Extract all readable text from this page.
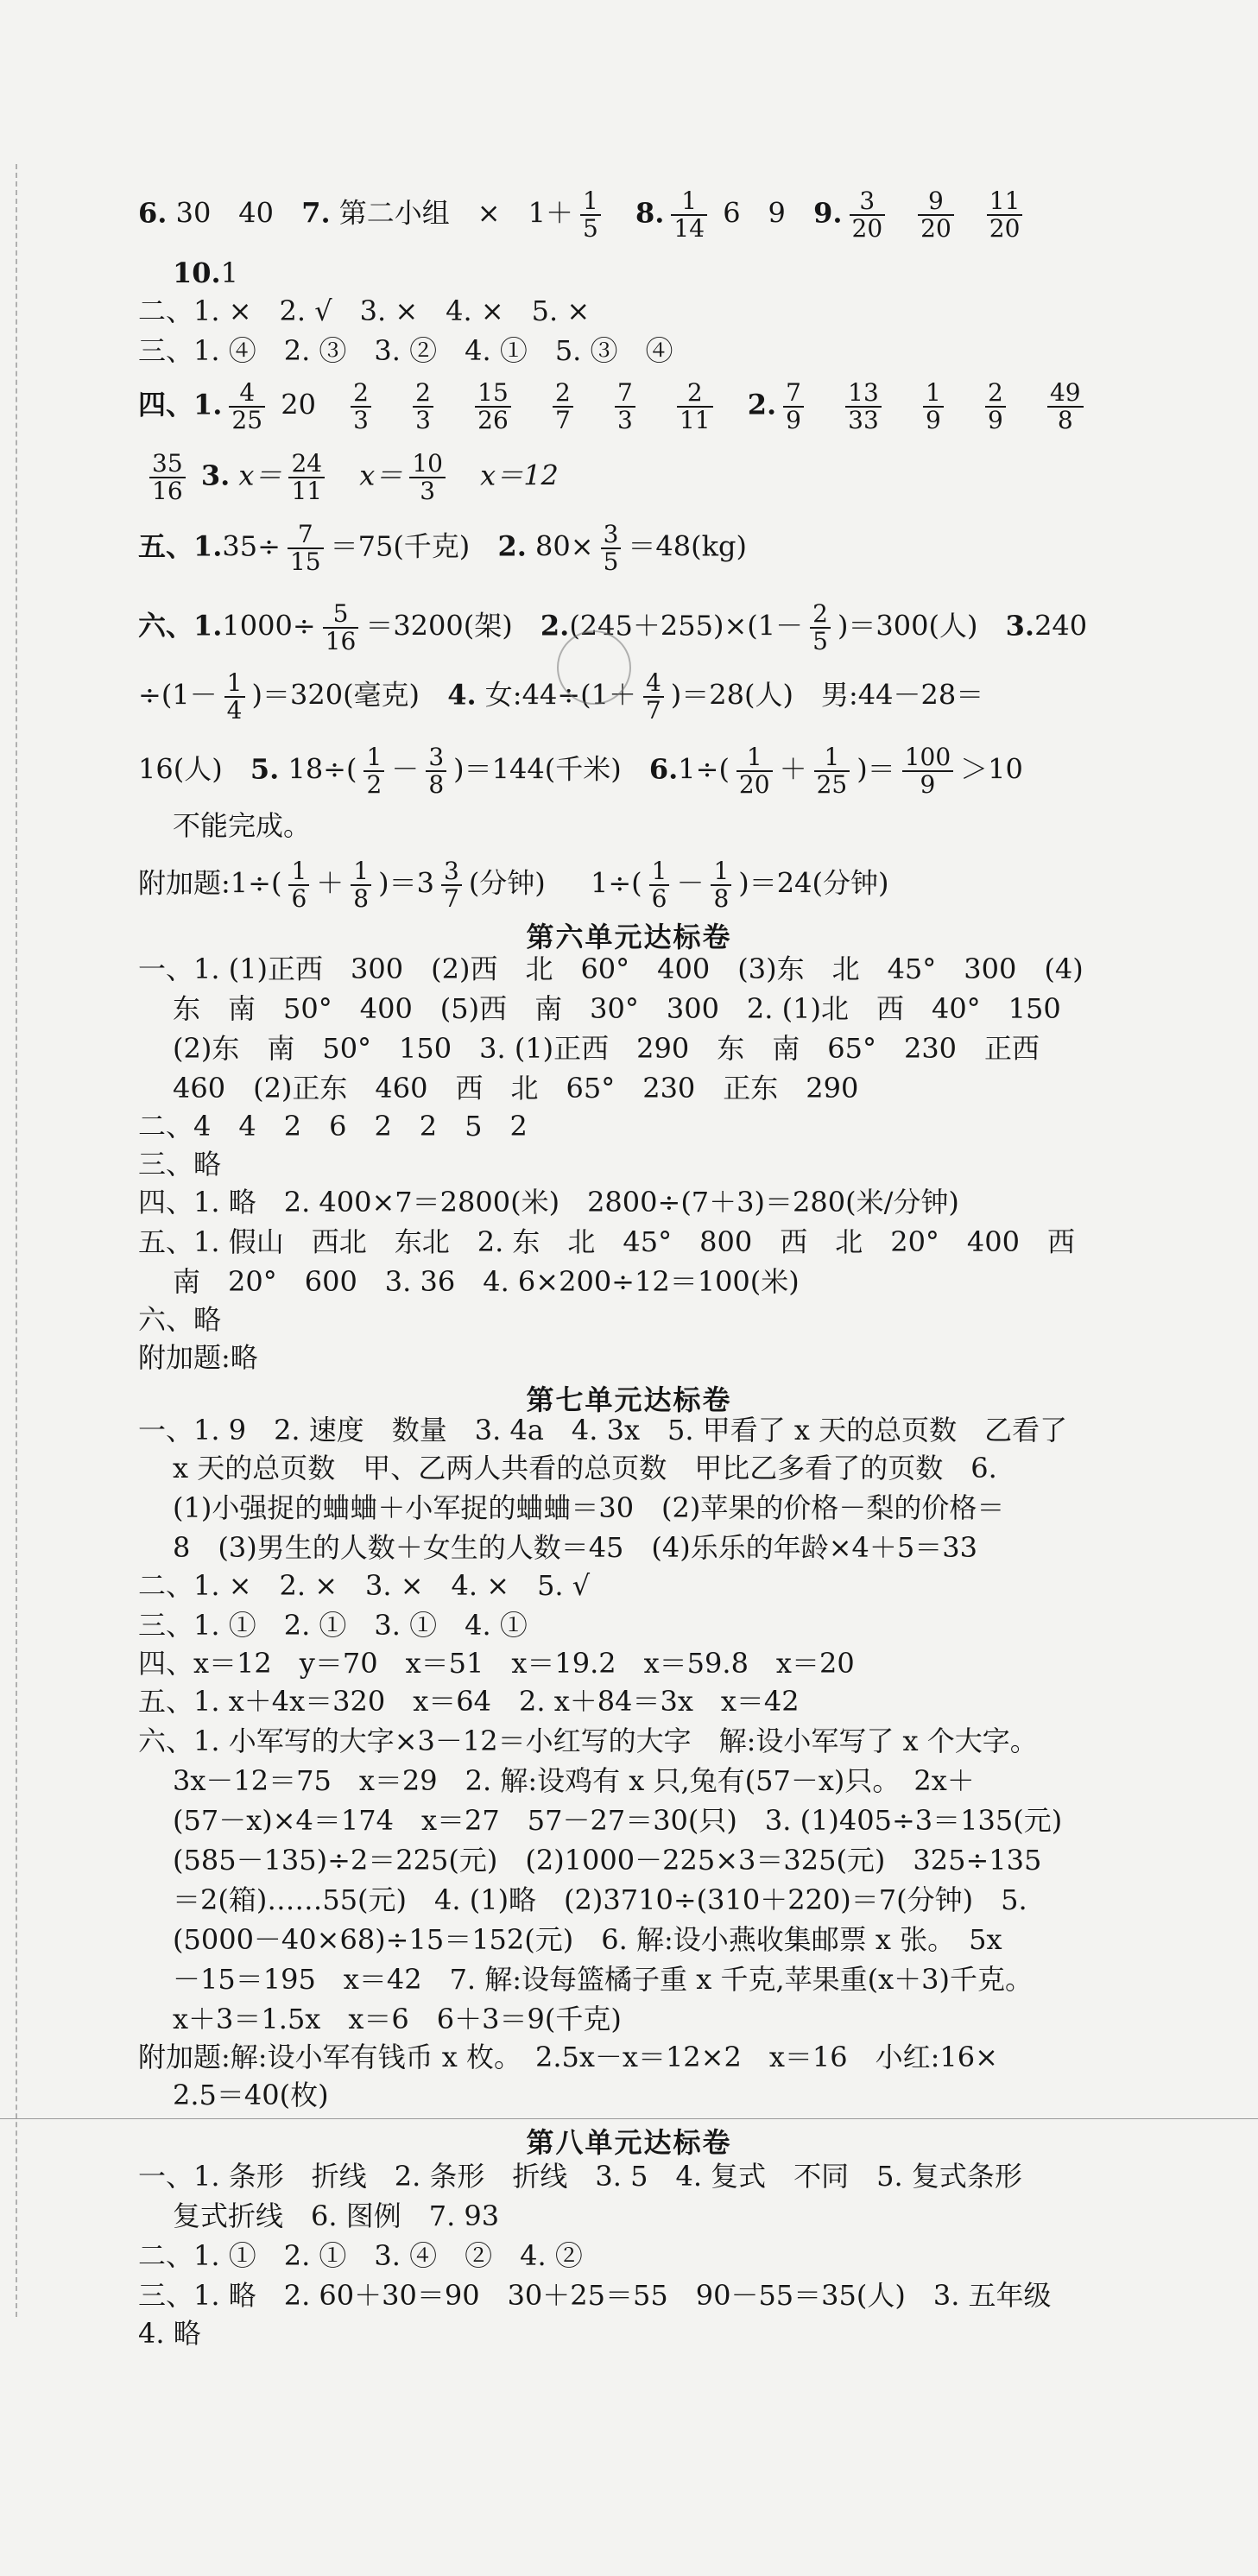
6. 30　40 7. 第二小组　×　$1+ \frac{1}{5} 8$. $\frac{1}{14} 6$　9 9. $\frac{3}{20} \frac{9}{20} \frac{11}{20}$
10.1
二、1. ×　2. √　3. ×　4. ×　5. ×
三、1. ④　2. ③　3. ②　4. ①　5. ③　④
四、1. $\frac{4}{25} 20 \frac{2}{3}$
$\frac{2}{3}$
$\frac{15}{26}$
$\frac{2}{7}$
$\frac{7}{3}$
$\frac{2}{11} 2$. $\frac{7}{9}$
$\frac{13}{33}$
$\frac{1}{9}$
$\frac{2}{9}$
$\frac{49}{8}$
$\frac{35}{16} 3$. $x= \frac{24}{11} x= \frac{10}{3} x=12$
五、$1.35\div \frac{7}{15} =75$(千克) 2. $80\times \frac{3}{5} =48(kg)$
六、$1.1000\div \frac{5}{16} =3200$(架) $2.(245+255)\times(1- \frac{2}{5} )=300$(人) 3.240
$\div(1- \frac{1}{4} )=320$(毫克) 4. 女:44÷(1＋ $\frac{4}{7} )=28$(人)　男:44－28＝
16(人) 5. $18\div( \frac{1}{2} - \frac{3}{8} )=144$(千米) $6.1\div( \frac{1}{20} + \frac{1}{25}$ )＝ $\frac{100}{9} >10$
不能完成。
附加题:1÷( $\frac{1}{6} + \frac{1}{8} )=3 \frac{3}{7}$ (分钟) $1\div( \frac{1}{6} - \frac{1}{8} )=24$(分钟)
第六单元达标卷
一、1. (1)正西　300　(2)西　北　60°　400　(3)东　北　45°　300　(4)
东　南　50°　400　(5)西　南　30°　300　2. (1)北　西　40°　150
(2)东　南　50°　150　3. (1)正西　290　东　南　65°　230　正西
460　(2)正东　460　西　北　65°　230　正东　290
二、4　4　2　6　2　2　5　2
三、略
四、1. 略　2. 400×7＝2800(米)　2800÷(7＋3)＝280(米/分钟)
五、1. 假山　西北　东北　2. 东　北　45°　800　西　北　20°　400　西
南　20°　600　3. 36　4. 6×200÷12＝100(米)
六、略
附加题:略
第七单元达标卷
一、1. 9　2. 速度　数量　3. 4a　4. 3x　5. 甲看了 x 天的总页数　乙看了
x 天的总页数　甲、乙两人共看的总页数　甲比乙多看了的页数　6.
(1)小强捉的蛐蛐＋小军捉的蛐蛐＝30　(2)苹果的价格－梨的价格＝
8　(3)男生的人数＋女生的人数＝45　(4)乐乐的年龄×4＋5＝33
二、1. ×　2. ×　3. ×　4. ×　5. √
三、1. ①　2. ①　3. ①　4. ①
四、x＝12　y＝70　x＝51　x＝19.2　x＝59.8　x＝20
五、1. x＋4x＝320　x＝64　2. x＋84＝3x　x＝42
六、1. 小军写的大字×3－12＝小红写的大字　解:设小军写了 x 个大字。
3x－12＝75　x＝29　2. 解:设鸡有 x 只,兔有(57－x)只。　2x＋
(57－x)×4＝174　x＝27　57－27＝30(只)　3. (1)405÷3＝135(元)
(585－135)÷2＝225(元)　(2)1000－225×3＝325(元)　325÷135
＝2(箱)……55(元)　4. (1)略　(2)3710÷(310＋220)＝7(分钟)　5.
(5000－40×68)÷15＝152(元)　6. 解:设小燕收集邮票 x 张。　5x
－15＝195　x＝42　7. 解:设每篮橘子重 x 千克,苹果重(x＋3)千克。
x＋3＝1.5x　x＝6　6＋3＝9(千克)
附加题:解:设小军有钱币 x 枚。　2.5x－x＝12×2　x＝16　小红:16×
2.5＝40(枚)
第八单元达标卷
一、1. 条形　折线　2. 条形　折线　3. 5　4. 复式　不同　5. 复式条形
复式折线　6. 图例　7. 93
二、1. ①　2. ①　3. ④　②　4. ②
三、1. 略　2. 60＋30＝90　30＋25＝55　90－55＝35(人)　3. 五年级
4. 略
